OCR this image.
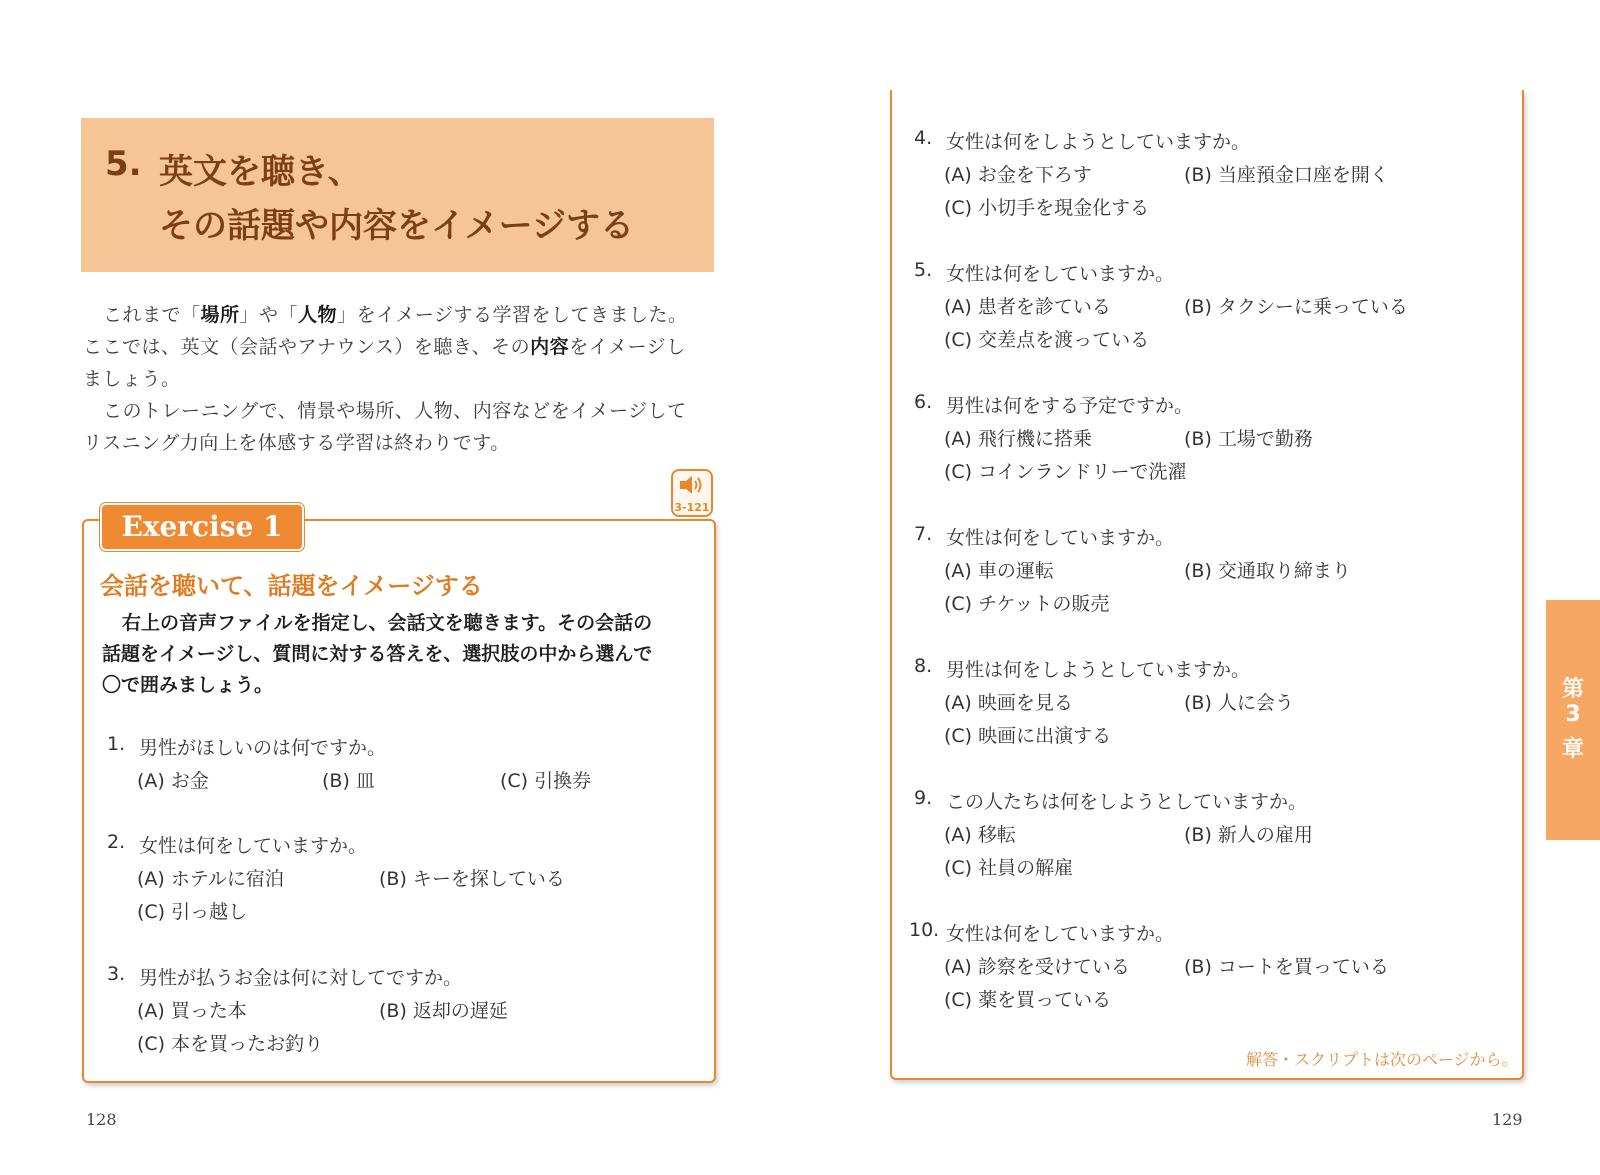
5. 英文を聴き、
その話題や内容をイメージする

これまで「場所」や「人物」をイメージする学習をしてきました。

ここでは、英文（会話やアナウンス）を聴き、その内容をイメージし

ましょう。

このトレーニングで、情景や場所、人物、内容などをイメージして

リスニング力向上を体感する学習は終わりです。

3-121
Exercise 1
会話を聴いて、話題をイメージする

右上の音声ファイルを指定し、会話文を聴きます。その会話の

話題をイメージし、質問に対する答えを、選択肢の中から選んで

〇で囲みましょう。

1. 男性がほしいのは何ですか。
(A) お金	(B) 皿	(C) 引換券
2. 女性は何をしていますか。
(A) ホテルに宿泊	(B) キーを探している
(C) 引っ越し
3. 男性が払うお金は何に対してですか。
(A) 買った本	(B) 返却の遅延
(C) 本を買ったお釣り
128
4. 女性は何をしようとしていますか。
(A) お金を下ろす	(B) 当座預金口座を開く
(C) 小切手を現金化する
5. 女性は何をしていますか。
(A) 患者を診ている	(B) タクシーに乗っている
(C) 交差点を渡っている
6. 男性は何をする予定ですか。
(A) 飛行機に搭乗	(B) 工場で勤務
(C) コインランドリーで洗濯
7. 女性は何をしていますか。
(A) 車の運転	(B) 交通取り締まり
(C) チケットの販売
8. 男性は何をしようとしていますか。
(A) 映画を見る	(B) 人に会う
(C) 映画に出演する
9. この人たちは何をしようとしていますか。
(A) 移転	(B) 新人の雇用
(C) 社員の解雇
10. 女性は何をしていますか。
(A) 診察を受けている	(B) コートを買っている
(C) 薬を買っている
解答・スクリプトは次のページから。
第
3
章
129
